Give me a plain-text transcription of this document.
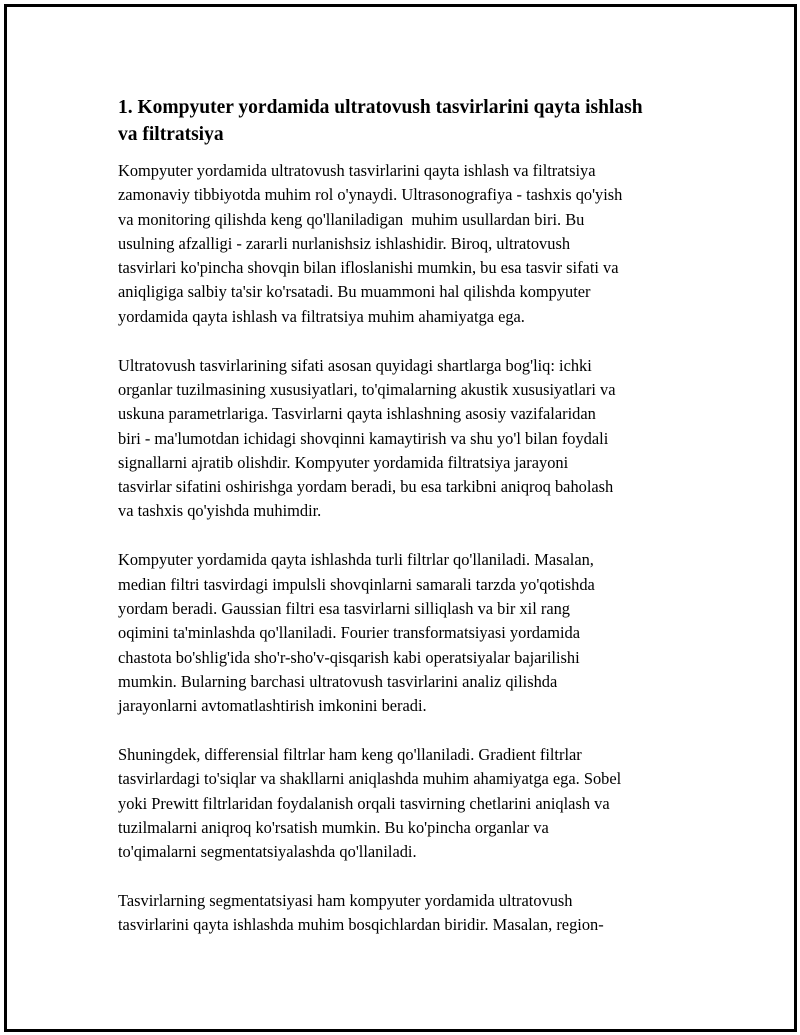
1. Kompyuter yordamida ultratovush tasvirlarini qayta ishlash
va filtratsiya

Kompyuter yordamida ultratovush tasvirlarini qayta ishlash va filtratsiya
zamonaviy tibbiyotda muhim rol o'ynaydi. Ultrasonografiya - tashxis qo'yish
va monitoring qilishda keng qo'llaniladigan  muhim usullardan biri. Bu
usulning afzalligi - zararli nurlanishsiz ishlashidir. Biroq, ultratovush
tasvirlari ko'pincha shovqin bilan ifloslanishi mumkin, bu esa tasvir sifati va
aniqligiga salbiy ta'sir ko'rsatadi. Bu muammoni hal qilishda kompyuter
yordamida qayta ishlash va filtratsiya muhim ahamiyatga ega.

Ultratovush tasvirlarining sifati asosan quyidagi shartlarga bog'liq: ichki
organlar tuzilmasining xususiyatlari, to'qimalarning akustik xususiyatlari va
uskuna parametrlariga. Tasvirlarni qayta ishlashning asosiy vazifalaridan
biri - ma'lumotdan ichidagi shovqinni kamaytirish va shu yo'l bilan foydali
signallarni ajratib olishdir. Kompyuter yordamida filtratsiya jarayoni
tasvirlar sifatini oshirishga yordam beradi, bu esa tarkibni aniqroq baholash
va tashxis qo'yishda muhimdir.

Kompyuter yordamida qayta ishlashda turli filtrlar qo'llaniladi. Masalan,
median filtri tasvirdagi impulsli shovqinlarni samarali tarzda yo'qotishda
yordam beradi. Gaussian filtri esa tasvirlarni silliqlash va bir xil rang
oqimini ta'minlashda qo'llaniladi. Fourier transformatsiyasi yordamida
chastota bo'shlig'ida sho'r-sho'v-qisqarish kabi operatsiyalar bajarilishi
mumkin. Bularning barchasi ultratovush tasvirlarini analiz qilishda
jarayonlarni avtomatlashtirish imkonini beradi.

Shuningdek, differensial filtrlar ham keng qo'llaniladi. Gradient filtrlar
tasvirlardagi to'siqlar va shakllarni aniqlashda muhim ahamiyatga ega. Sobel
yoki Prewitt filtrlaridan foydalanish orqali tasvirning chetlarini aniqlash va
tuzilmalarni aniqroq ko'rsatish mumkin. Bu ko'pincha organlar va
to'qimalarni segmentatsiyalashda qo'llaniladi.

Tasvirlarning segmentatsiyasi ham kompyuter yordamida ultratovush
tasvirlarini qayta ishlashda muhim bosqichlardan biridir. Masalan, region-
